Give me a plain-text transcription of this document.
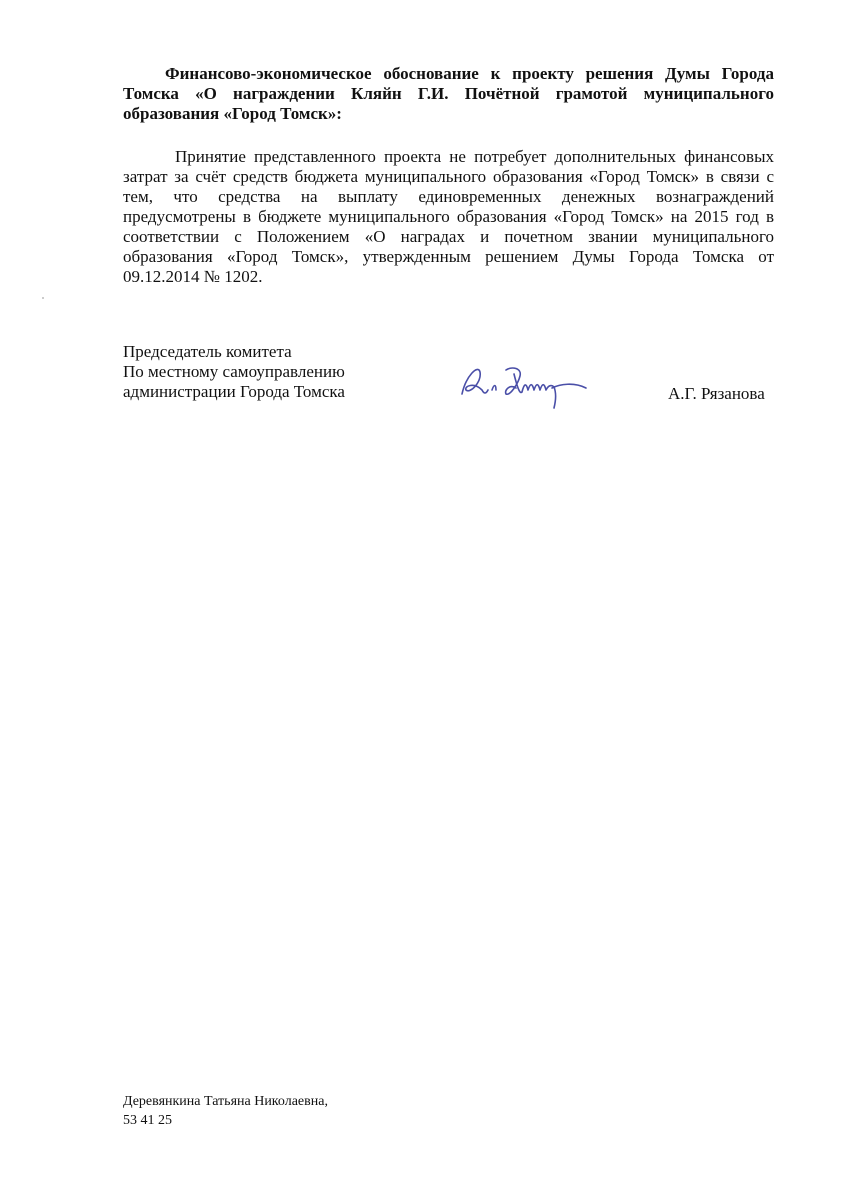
Финансово-экономическое обоснование к проекту решения Думы Города Томска «О награждении Кляйн Г.И. Почётной грамотой муниципального образования «Город Томск»:

Принятие представленного проекта не потребует дополнительных финансовых затрат за счёт средств бюджета муниципального образования «Город Томск» в связи с тем, что средства на выплату единовременных денежных вознаграждений предусмотрены в бюджете муниципального образования «Город Томск» на 2015 год в соответствии с Положением «О наградах и почетном звании муниципального образования «Город Томск», утвержденным решением Думы Города Томска от 09.12.2014 № 1202.

Председатель комитета
По местному самоуправлению
администрации Города Томска	А.Г. Рязанова
Деревянкина Татьяна Николаевна,
53 41 25
